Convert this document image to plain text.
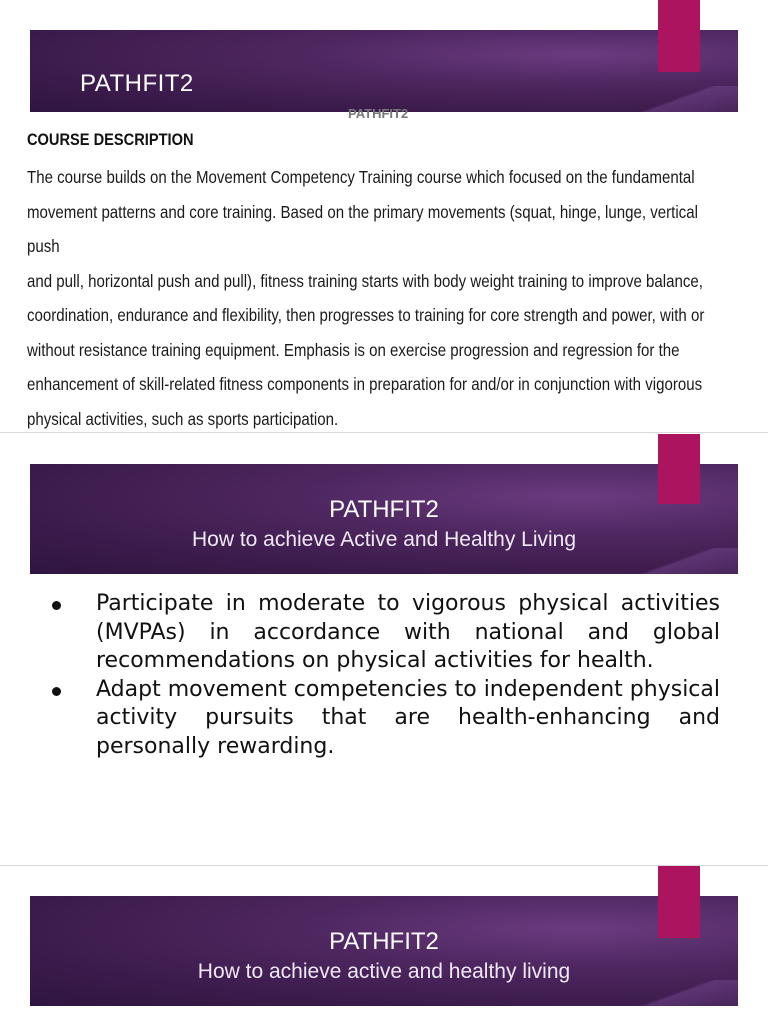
PATHFIT2
PATHFIT2
COURSE DESCRIPTION
The course builds on the Movement Competency Training course which focused on the fundamental
movement patterns and core training. Based on the primary movements (squat, hinge, lunge, vertical push
and pull, horizontal push and pull), fitness training starts with body weight training to improve balance,
coordination, endurance and flexibility, then progresses to training for core strength and power, with or
without resistance training equipment. Emphasis is on exercise progression and regression for the
enhancement of skill-related fitness components in preparation for and/or in conjunction with vigorous
physical activities, such as sports participation.
PATHFIT2
How to achieve Active and Healthy Living
Participate in moderate to vigorous physical activities (MVPAs) in accordance with national and global recommendations on physical activities for health.
Adapt movement competencies to independent physical activity pursuits that are health-enhancing and personally rewarding.
PATHFIT2
How to achieve active and healthy living
